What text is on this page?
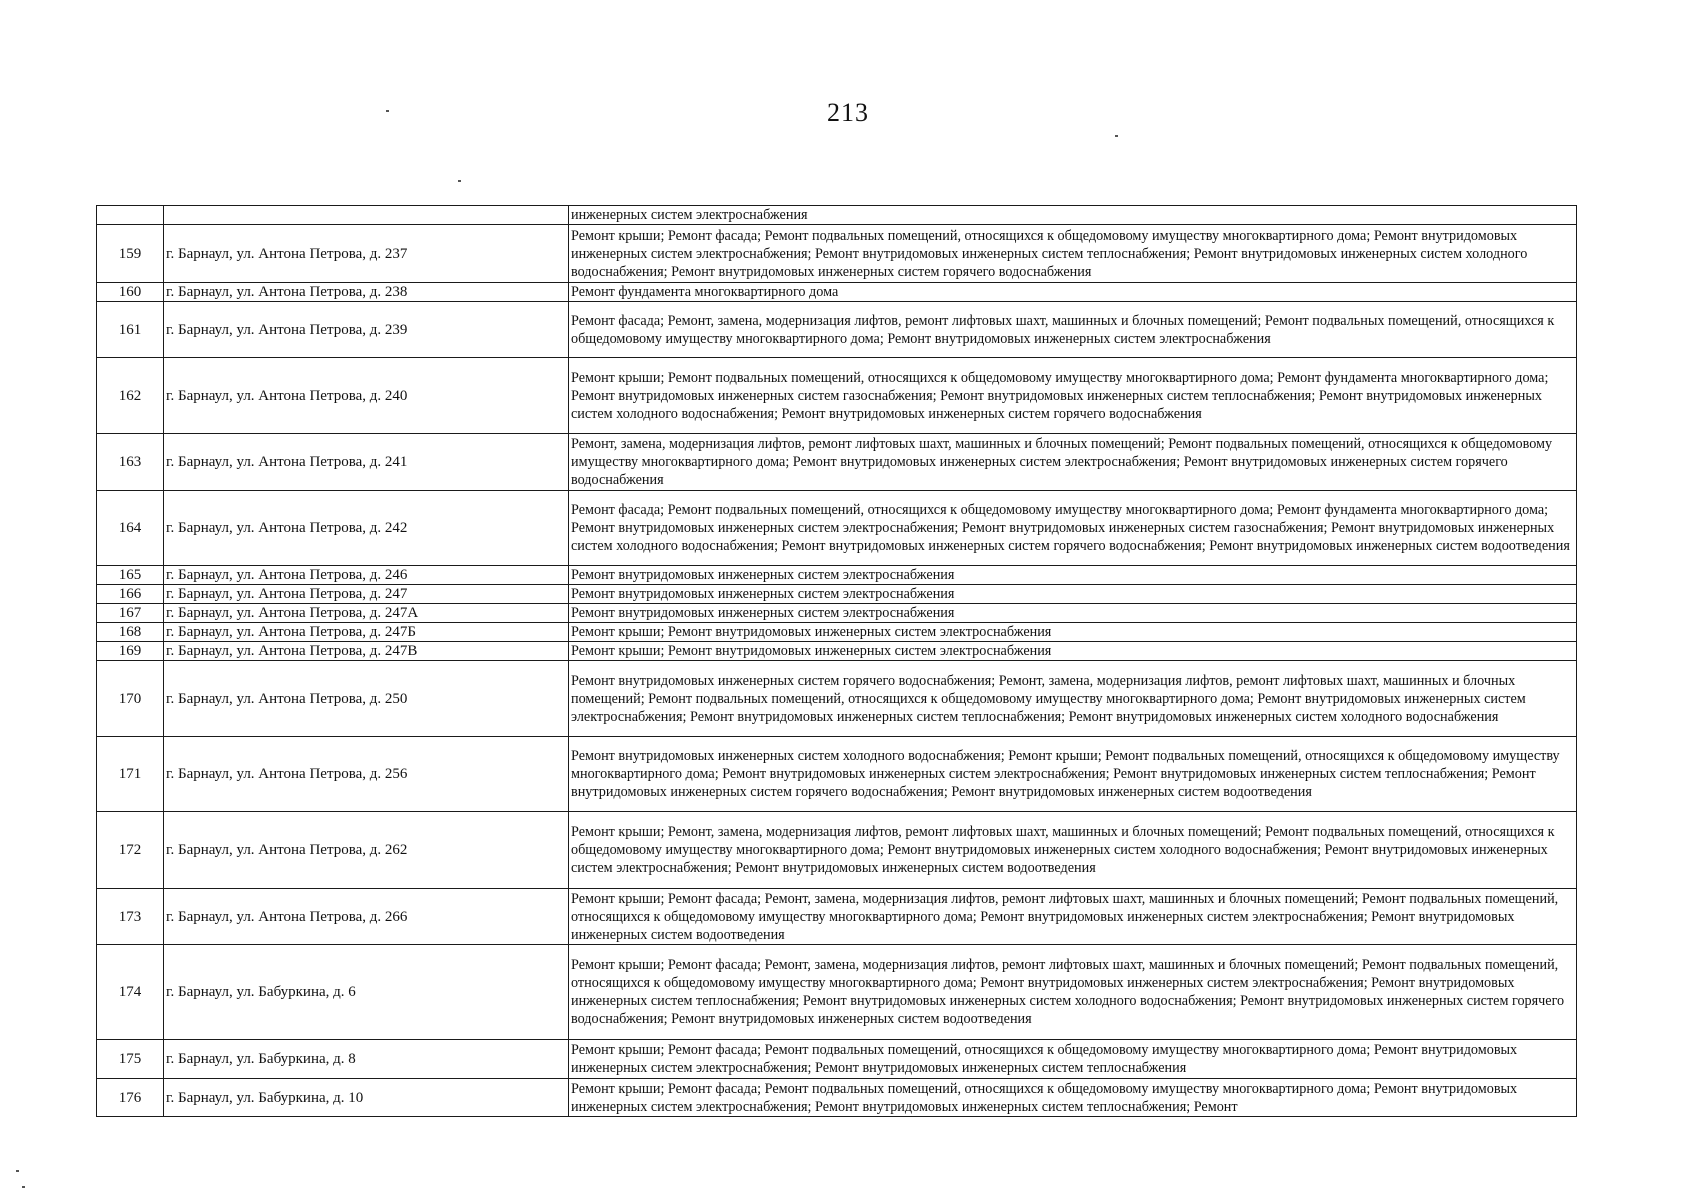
213
		инженерных систем электроснабжения
159	г. Барнаул, ул. Антона Петрова, д. 237	Ремонт крыши; Ремонт фасада; Ремонт подвальных помещений, относящихся к общедомовому имуществу многоквартирного дома; Ремонт внутридомовых инженерных систем электроснабжения; Ремонт внутридомовых инженерных систем теплоснабжения; Ремонт внутридомовых инженерных систем холодного водоснабжения; Ремонт внутридомовых инженерных систем горячего водоснабжения
160	г. Барнаул, ул. Антона Петрова, д. 238	Ремонт фундамента многоквартирного дома
161	г. Барнаул, ул. Антона Петрова, д. 239	Ремонт фасада; Ремонт, замена, модернизация лифтов, ремонт лифтовых шахт, машинных и блочных помещений; Ремонт подвальных помещений, относящихся к общедомовому имуществу многоквартирного дома; Ремонт внутридомовых инженерных систем электроснабжения
162	г. Барнаул, ул. Антона Петрова, д. 240	Ремонт крыши; Ремонт подвальных помещений, относящихся к общедомовому имуществу многоквартирного дома; Ремонт фундамента многоквартирного дома; Ремонт внутридомовых инженерных систем газоснабжения; Ремонт внутридомовых инженерных систем теплоснабжения; Ремонт внутридомовых инженерных систем холодного водоснабжения; Ремонт внутридомовых инженерных систем горячего водоснабжения
163	г. Барнаул, ул. Антона Петрова, д. 241	Ремонт, замена, модернизация лифтов, ремонт лифтовых шахт, машинных и блочных помещений; Ремонт подвальных помещений, относящихся к общедомовому имуществу многоквартирного дома; Ремонт внутридомовых инженерных систем электроснабжения; Ремонт внутридомовых инженерных систем горячего водоснабжения
164	г. Барнаул, ул. Антона Петрова, д. 242	Ремонт фасада; Ремонт подвальных помещений, относящихся к общедомовому имуществу многоквартирного дома; Ремонт фундамента многоквартирного дома; Ремонт внутридомовых инженерных систем электроснабжения; Ремонт внутридомовых инженерных систем газоснабжения; Ремонт внутридомовых инженерных систем холодного водоснабжения; Ремонт внутридомовых инженерных систем горячего водоснабжения; Ремонт внутридомовых инженерных систем водоотведения
165	г. Барнаул, ул. Антона Петрова, д. 246	Ремонт внутридомовых инженерных систем электроснабжения
166	г. Барнаул, ул. Антона Петрова, д. 247	Ремонт внутридомовых инженерных систем электроснабжения
167	г. Барнаул, ул. Антона Петрова, д. 247А	Ремонт внутридомовых инженерных систем электроснабжения
168	г. Барнаул, ул. Антона Петрова, д. 247Б	Ремонт крыши; Ремонт внутридомовых инженерных систем электроснабжения
169	г. Барнаул, ул. Антона Петрова, д. 247В	Ремонт крыши; Ремонт внутридомовых инженерных систем электроснабжения
170	г. Барнаул, ул. Антона Петрова, д. 250	Ремонт внутридомовых инженерных систем горячего водоснабжения; Ремонт, замена, модернизация лифтов, ремонт лифтовых шахт, машинных и блочных помещений; Ремонт подвальных помещений, относящихся к общедомовому имуществу многоквартирного дома; Ремонт внутридомовых инженерных систем электроснабжения; Ремонт внутридомовых инженерных систем теплоснабжения; Ремонт внутридомовых инженерных систем холодного водоснабжения
171	г. Барнаул, ул. Антона Петрова, д. 256	Ремонт внутридомовых инженерных систем холодного водоснабжения; Ремонт крыши; Ремонт подвальных помещений, относящихся к общедомовому имуществу многоквартирного дома; Ремонт внутридомовых инженерных систем электроснабжения; Ремонт внутридомовых инженерных систем теплоснабжения; Ремонт внутридомовых инженерных систем горячего водоснабжения; Ремонт внутридомовых инженерных систем водоотведения
172	г. Барнаул, ул. Антона Петрова, д. 262	Ремонт крыши; Ремонт, замена, модернизация лифтов, ремонт лифтовых шахт, машинных и блочных помещений; Ремонт подвальных помещений, относящихся к общедомовому имуществу многоквартирного дома; Ремонт внутридомовых инженерных систем холодного водоснабжения; Ремонт внутридомовых инженерных систем электроснабжения; Ремонт внутридомовых инженерных систем водоотведения
173	г. Барнаул, ул. Антона Петрова, д. 266	Ремонт крыши; Ремонт фасада; Ремонт, замена, модернизация лифтов, ремонт лифтовых шахт, машинных и блочных помещений; Ремонт подвальных помещений, относящихся к общедомовому имуществу многоквартирного дома; Ремонт внутридомовых инженерных систем электроснабжения; Ремонт внутридомовых инженерных систем водоотведения
174	г. Барнаул, ул. Бабуркина, д. 6	Ремонт крыши; Ремонт фасада; Ремонт, замена, модернизация лифтов, ремонт лифтовых шахт, машинных и блочных помещений; Ремонт подвальных помещений, относящихся к общедомовому имуществу многоквартирного дома; Ремонт внутридомовых инженерных систем электроснабжения; Ремонт внутридомовых инженерных систем теплоснабжения; Ремонт внутридомовых инженерных систем холодного водоснабжения; Ремонт внутридомовых инженерных систем горячего водоснабжения; Ремонт внутридомовых инженерных систем водоотведения
175	г. Барнаул, ул. Бабуркина, д. 8	Ремонт крыши; Ремонт фасада; Ремонт подвальных помещений, относящихся к общедомовому имуществу многоквартирного дома; Ремонт внутридомовых инженерных систем электроснабжения; Ремонт внутридомовых инженерных систем теплоснабжения
176	г. Барнаул, ул. Бабуркина, д. 10	Ремонт крыши; Ремонт фасада; Ремонт подвальных помещений, относящихся к общедомовому имуществу многоквартирного дома; Ремонт внутридомовых инженерных систем электроснабжения; Ремонт внутридомовых инженерных систем теплоснабжения; Ремонт
